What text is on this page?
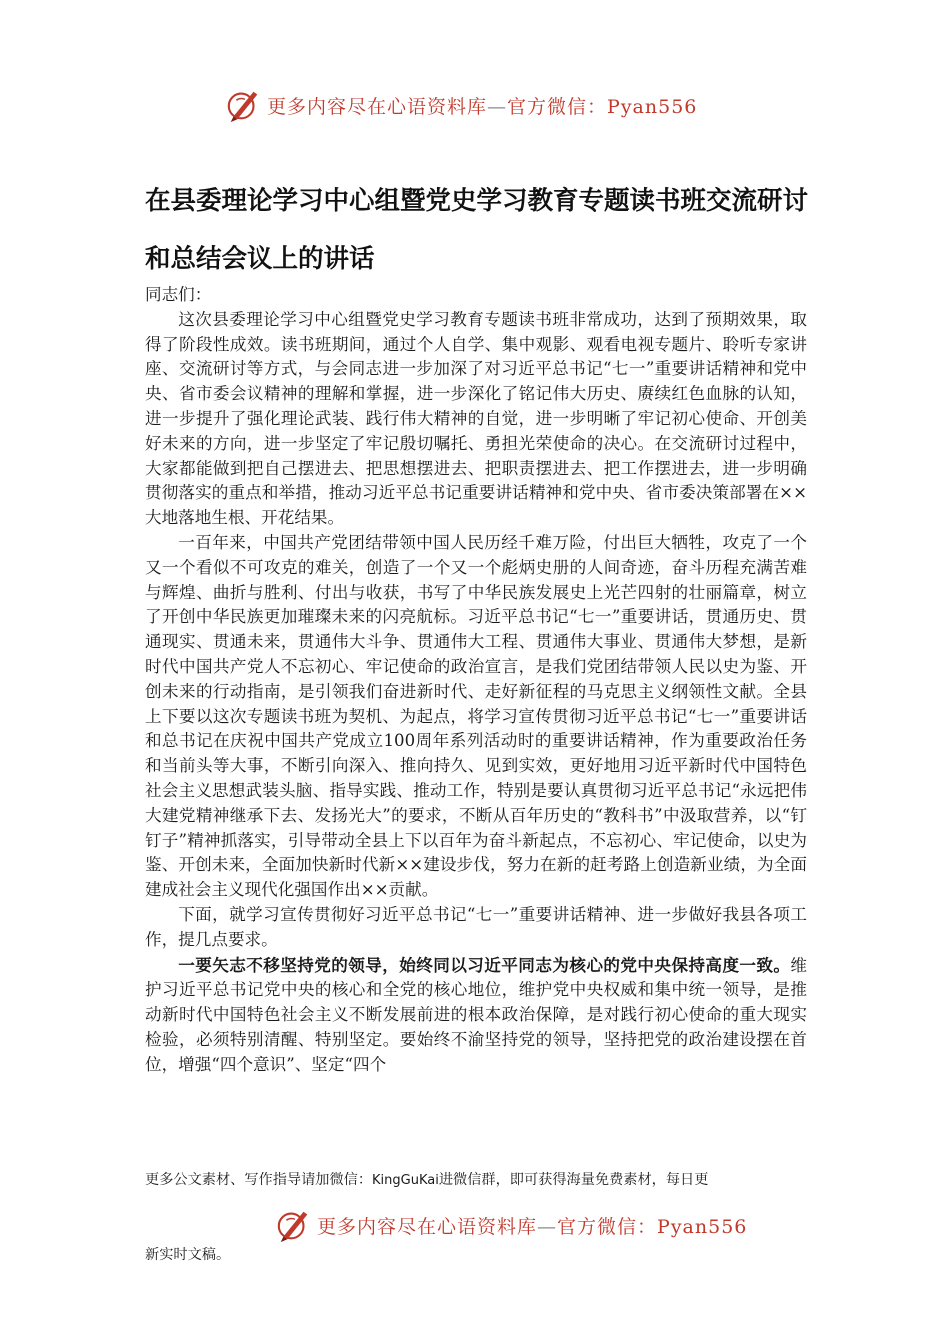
更多内容尽在心语资料库—官方微信：Pyan556
在县委理论学习中心组暨党史学习教育专题读书班交流研讨和总结会议上的讲话

同志们：

这次县委理论学习中心组暨党史学习教育专题读书班非常成功，达到了预期效果，取得了阶段性成效。读书班期间，通过个人自学、集中观影、观看电视专题片、聆听专家讲座、交流研讨等方式，与会同志进一步加深了对习近平总书记“七一”重要讲话精神和党中央、省市委会议精神的理解和掌握，进一步深化了铭记伟大历史、赓续红色血脉的认知，进一步提升了强化理论武装、践行伟大精神的自觉，进一步明晰了牢记初心使命、开创美好未来的方向，进一步坚定了牢记殷切嘱托、勇担光荣使命的决心。在交流研讨过程中，大家都能做到把自己摆进去、把思想摆进去、把职责摆进去、把工作摆进去，进一步明确贯彻落实的重点和举措，推动习近平总书记重要讲话精神和党中央、省市委决策部署在××大地落地生根、开花结果。

一百年来，中国共产党团结带领中国人民历经千难万险，付出巨大牺牲，攻克了一个又一个看似不可攻克的难关，创造了一个又一个彪炳史册的人间奇迹，奋斗历程充满苦难与辉煌、曲折与胜利、付出与收获，书写了中华民族发展史上光芒四射的壮丽篇章，树立了开创中华民族更加璀璨未来的闪亮航标。习近平总书记“七一”重要讲话，贯通历史、贯通现实、贯通未来，贯通伟大斗争、贯通伟大工程、贯通伟大事业、贯通伟大梦想，是新时代中国共产党人不忘初心、牢记使命的政治宣言，是我们党团结带领人民以史为鉴、开创未来的行动指南，是引领我们奋进新时代、走好新征程的马克思主义纲领性文献。全县上下要以这次专题读书班为契机、为起点，将学习宣传贯彻习近平总书记“七一”重要讲话和总书记在庆祝中国共产党成立100周年系列活动时的重要讲话精神，作为重要政治任务和当前头等大事，不断引向深入、推向持久、见到实效，更好地用习近平新时代中国特色社会主义思想武装头脑、指导实践、推动工作，特别是要认真贯彻习近平总书记“永远把伟大建党精神继承下去、发扬光大”的要求，不断从百年历史的“教科书”中汲取营养，以“钉钉子”精神抓落实，引导带动全县上下以百年为奋斗新起点，不忘初心、牢记使命，以史为鉴、开创未来，全面加快新时代新××建设步伐，努力在新的赶考路上创造新业绩，为全面建成社会主义现代化强国作出××贡献。

下面，就学习宣传贯彻好习近平总书记“七一”重要讲话精神、进一步做好我县各项工作，提几点要求。

一要矢志不移坚持党的领导，始终同以习近平同志为核心的党中央保持高度一致。维护习近平总书记党中央的核心和全党的核心地位，维护党中央权威和集中统一领导，是推动新时代中国特色社会主义不断发展前进的根本政治保障，是对践行初心使命的重大现实检验，必须特别清醒、特别坚定。要始终不渝坚持党的领导，坚持把党的政治建设摆在首位，增强“四个意识”、坚定“四个

更多公文素材、写作指导请加微信：KingGuKai进微信群，即可获得海量免费素材，每日更
更多内容尽在心语资料库—官方微信：Pyan556
新实时文稿。
